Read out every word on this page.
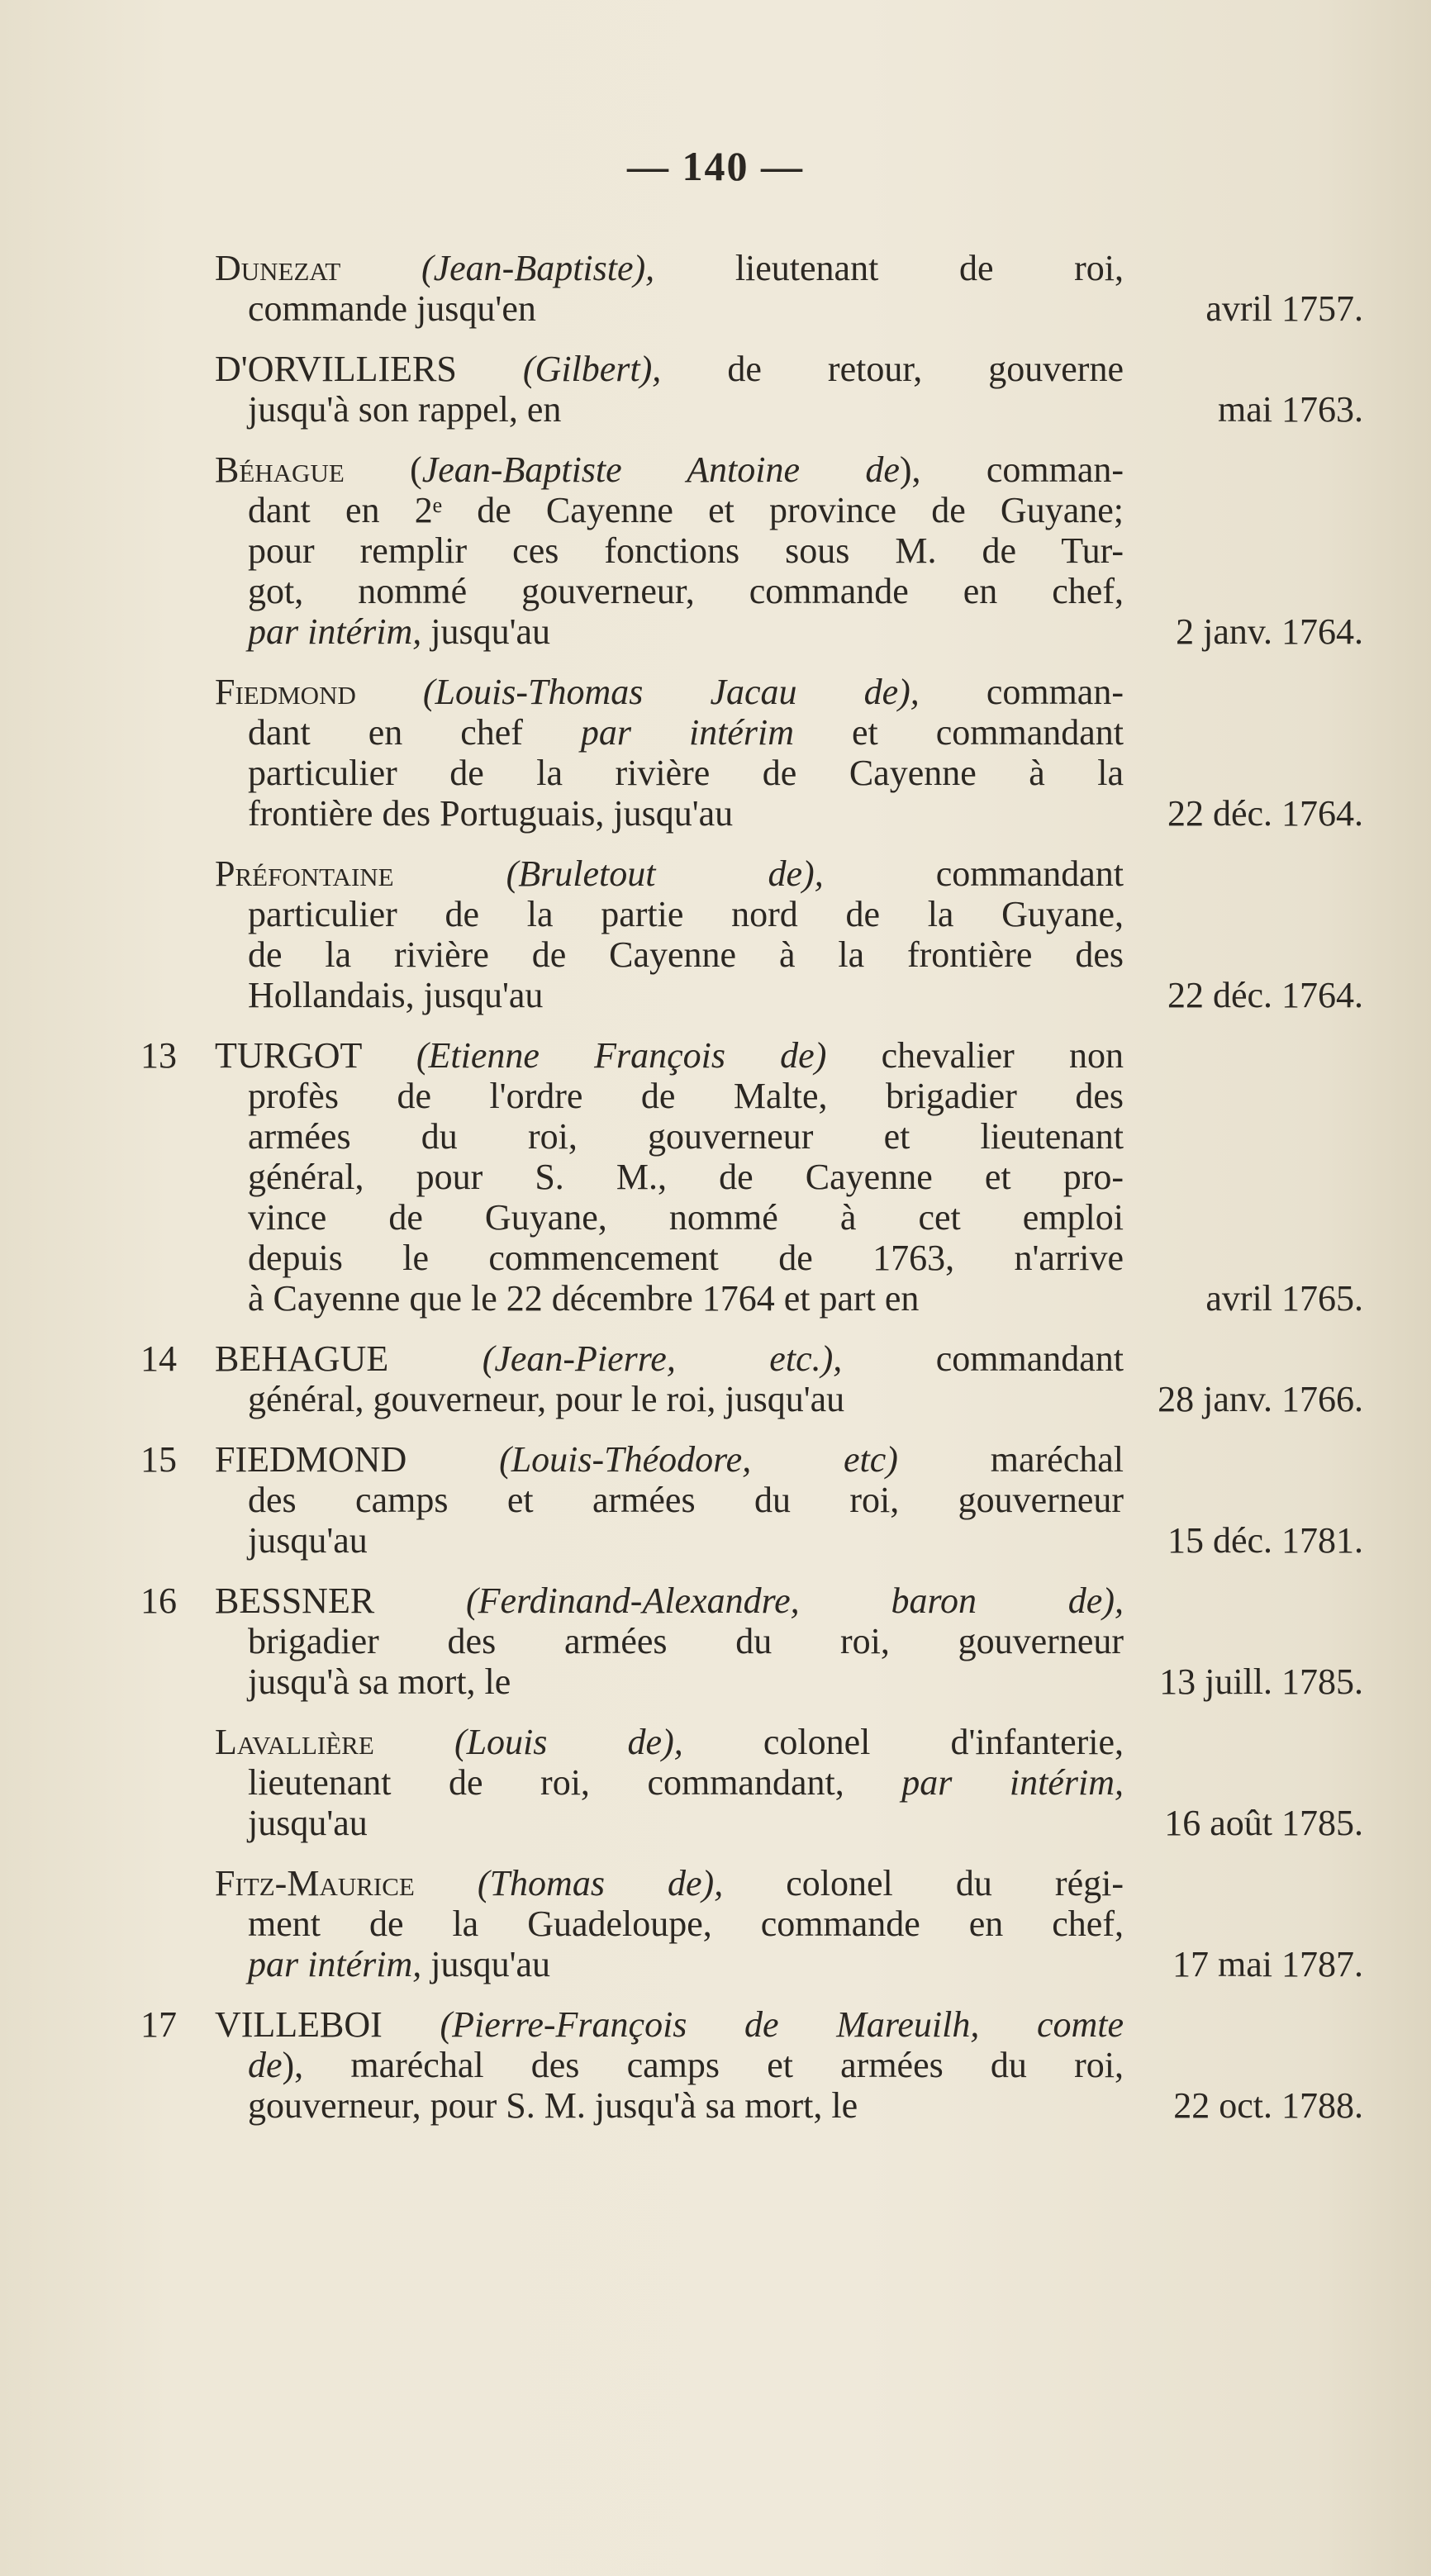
— 140 —
Dunezat (Jean-Baptiste), lieutenant de roi,
commande jusqu'en	avril 1757.
D'ORVILLIERS (Gilbert), de retour, gouverne
jusqu'à son rappel, en	mai 1763.
Béhague (Jean-Baptiste Antoine de), comman-
dant en 2ᵉ de Cayenne et province de Guyane;
pour remplir ces fonctions sous M. de Tur-
got, nommé gouverneur, commande en chef,
par intérim, jusqu'au	2 janv. 1764.
Fiedmond (Louis-Thomas Jacau de), comman-
dant en chef par intérim et commandant
particulier de la rivière de Cayenne à la
frontière des Portuguais, jusqu'au	22 déc. 1764.
Préfontaine	(Bruletout de), commandant
particulier de la partie nord de la Guyane,
de la rivière de Cayenne à la frontière des
Hollandais, jusqu'au	22 déc. 1764.
13 TURGOT (Etienne François de) chevalier non
profès de l'ordre de Malte, brigadier des
armées du roi, gouverneur et lieutenant
général, pour S. M., de Cayenne et pro-
vince de Guyane, nommé à cet emploi
depuis le commencement de 1763, n'arrive
à Cayenne que le 22 décembre 1764 et part en	avril 1765.
14 BEHAGUE (Jean-Pierre, etc.), commandant
général, gouverneur, pour le roi, jusqu'au	28 janv. 1766.
15 FIEDMOND (Louis-Théodore, etc) maréchal
des camps et armées du roi, gouverneur
jusqu'au	15 déc. 1781.
16 BESSNER (Ferdinand-Alexandre, baron de),
brigadier des armées du roi, gouverneur
jusqu'à sa mort, le	13 juill. 1785.
Lavallière (Louis de), colonel d'infanterie,
lieutenant de roi, commandant, par intérim,
jusqu'au	16 août 1785.
Fitz-Maurice (Thomas de), colonel du régi-
ment de la Guadeloupe, commande en chef,
par intérim, jusqu'au	17 mai 1787.
17 VILLEBOI (Pierre-François de Mareuilh, comte
de), maréchal des camps et armées du roi,
gouverneur, pour S. M. jusqu'à sa mort, le	22 oct. 1788.
